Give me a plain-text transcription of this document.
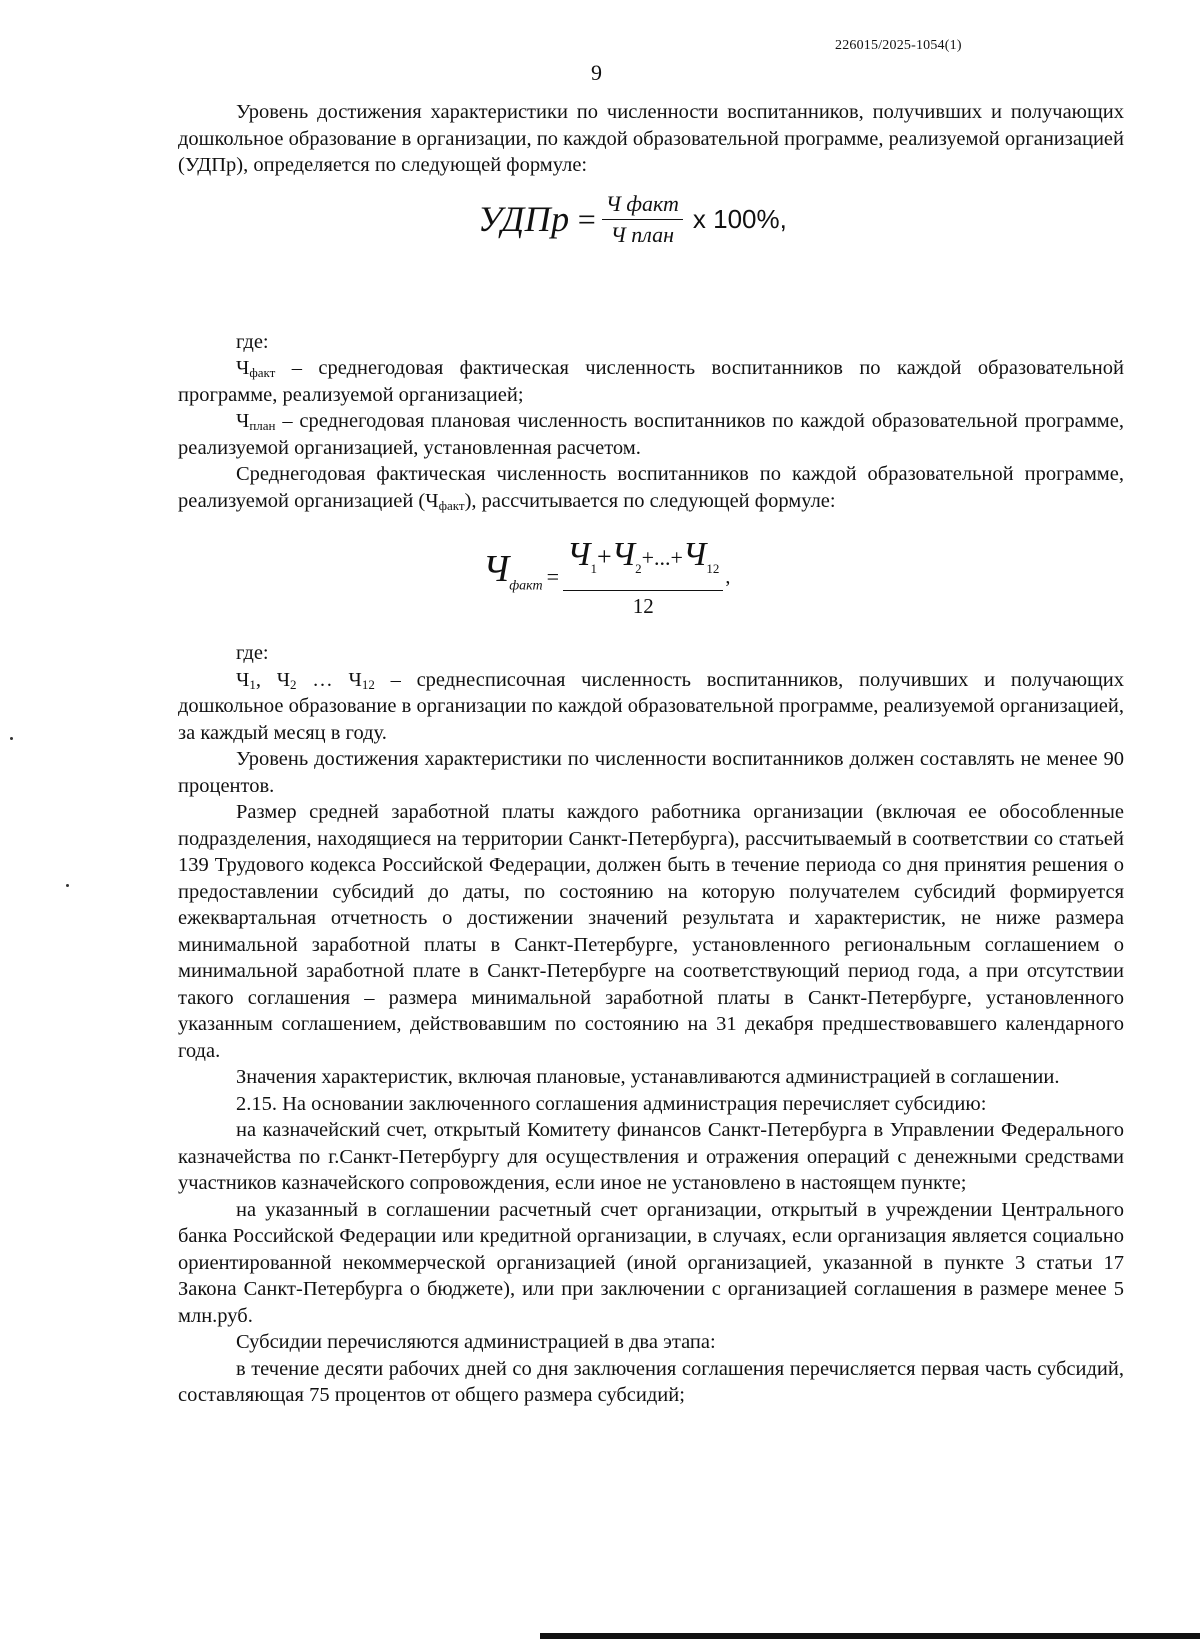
226015/2025-1054(1)
9

Уровень достижения характеристики по численности воспитанников, получивших и получающих дошкольное образование в организации, по каждой образовательной программе, реализуемой организацией (УДПр), определяется по следующей формуле:

УДПр = $\frac{\text{Ч факт}}{\text{Ч план}}$ х 100%,

где:

$Ч_{факт}$ – среднегодовая фактическая численность воспитанников по каждой образовательной программе, реализуемой организацией;

$Ч_{план}$ – среднегодовая плановая численность воспитанников по каждой образовательной программе, реализуемой организацией, установленная расчетом.

Среднегодовая фактическая численность воспитанников по каждой образовательной программе, реализуемой организацией $(Ч_{факт})$, рассчитывается по следующей формуле:

$Ч_{факт} = \frac{Ч_1+Ч_2+...+Ч_{12}}{12}$ ,

где:

$Ч_1$, $Ч_2$ … $Ч_{12}$ – среднесписочная численность воспитанников, получивших и получающих дошкольное образование в организации по каждой образовательной программе, реализуемой организацией, за каждый месяц в году.

Уровень достижения характеристики по численности воспитанников должен составлять не менее 90 процентов.

Размер средней заработной платы каждого работника организации (включая ее обособленные подразделения, находящиеся на территории Санкт-Петербурга), рассчитываемый в соответствии со статьей 139 Трудового кодекса Российской Федерации, должен быть в течение периода со дня принятия решения о предоставлении субсидий до даты, по состоянию на которую получателем субсидий формируется ежеквартальная отчетность о достижении значений результата и характеристик, не ниже размера минимальной заработной платы в Санкт-Петербурге, установленного региональным соглашением о минимальной заработной плате в Санкт-Петербурге на соответствующий период года, а при отсутствии такого соглашения – размера минимальной заработной платы в Санкт-Петербурге, установленного указанным соглашением, действовавшим по состоянию на 31 декабря предшествовавшего календарного года.

Значения характеристик, включая плановые, устанавливаются администрацией в соглашении.

2.15. На основании заключенного соглашения администрация перечисляет субсидию:

на казначейский счет, открытый Комитету финансов Санкт-Петербурга в Управлении Федерального казначейства по г.Санкт-Петербургу для осуществления и отражения операций с денежными средствами участников казначейского сопровождения, если иное не установлено в настоящем пункте;

на указанный в соглашении расчетный счет организации, открытый в учреждении Центрального банка Российской Федерации или кредитной организации, в случаях, если организация является социально ориентированной некоммерческой организацией (иной организацией, указанной в пункте 3 статьи 17 Закона Санкт-Петербурга о бюджете), или при заключении с организацией соглашения в размере менее 5 млн.руб.

Субсидии перечисляются администрацией в два этапа:

в течение десяти рабочих дней со дня заключения соглашения перечисляется первая часть субсидий, составляющая 75 процентов от общего размера субсидий;
